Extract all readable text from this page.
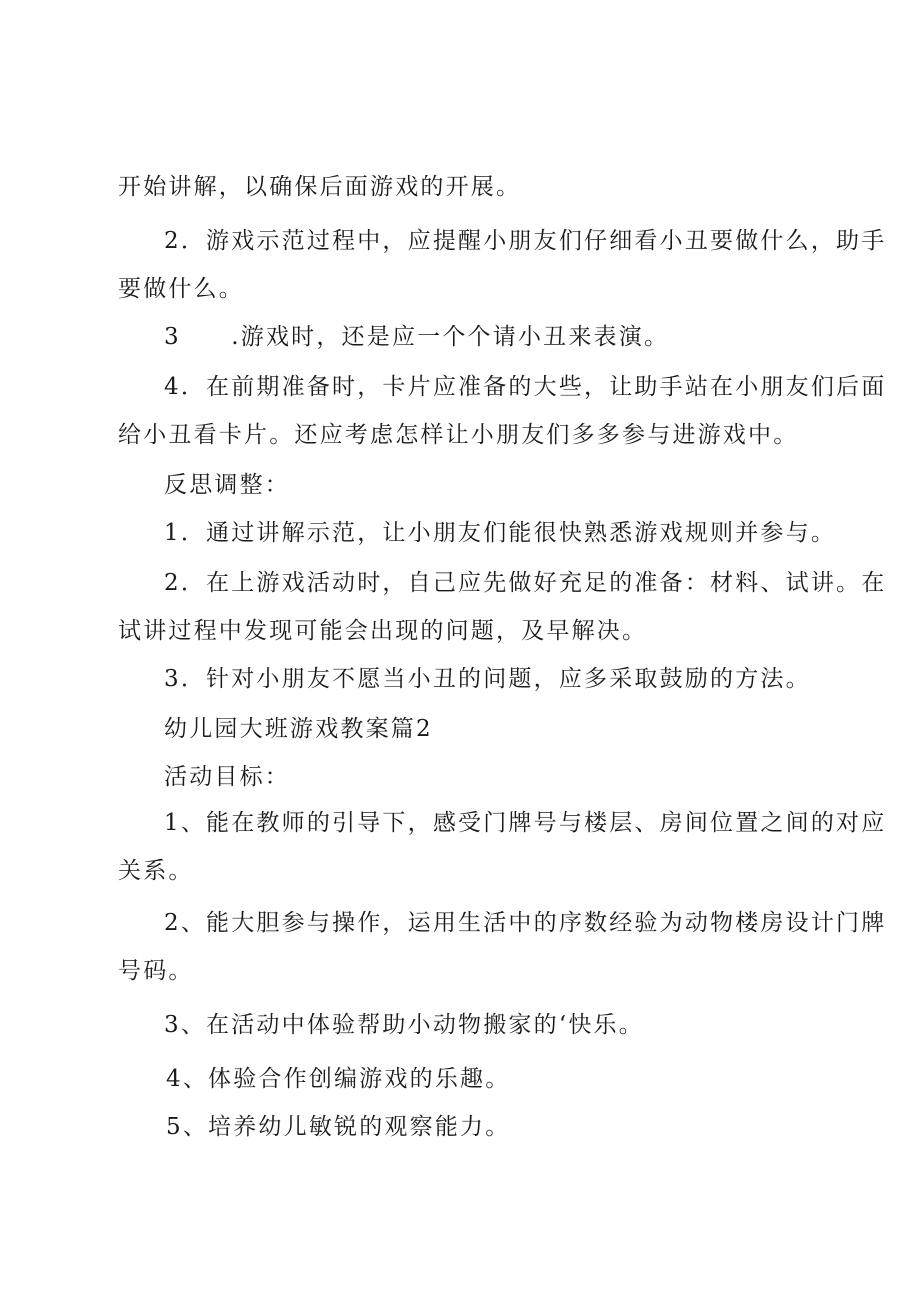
开始讲解，以确保后面游戏的开展。
2．游戏示范过程中，应提醒小朋友们仔细看小丑要做什么，助手
要做什么。
3　　.游戏时，还是应一个个请小丑来表演。
4．在前期准备时，卡片应准备的大些，让助手站在小朋友们后面
给小丑看卡片。还应考虑怎样让小朋友们多多参与进游戏中。
反思调整：
1．通过讲解示范，让小朋友们能很快熟悉游戏规则并参与。
2．在上游戏活动时，自己应先做好充足的准备：材料、试讲。在
试讲过程中发现可能会出现的问题，及早解决。
3．针对小朋友不愿当小丑的问题，应多采取鼓励的方法。
幼儿园大班游戏教案篇2
活动目标：
1、能在教师的引导下，感受门牌号与楼层、房间位置之间的对应
关系。
2、能大胆参与操作，运用生活中的序数经验为动物楼房设计门牌
号码。
3、在活动中体验帮助小动物搬家的‘快乐。
4、体验合作创编游戏的乐趣。
5、培养幼儿敏锐的观察能力。
